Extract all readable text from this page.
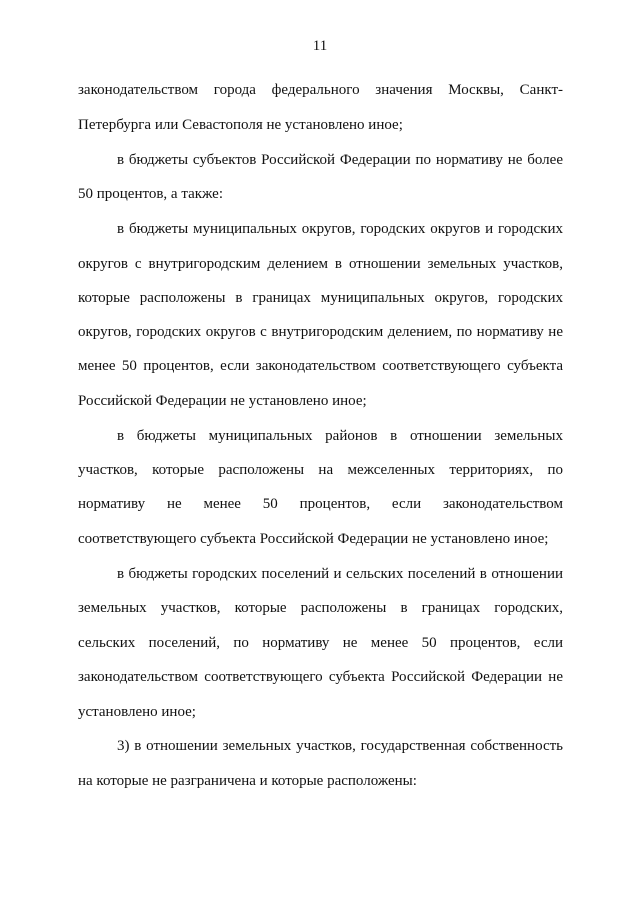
11
законодательством города федерального значения Москвы, Санкт-
Петербурга или Севастополя не установлено иное;
в бюджеты субъектов Российской Федерации по нормативу не более
50 процентов, а также:
в бюджеты муниципальных округов, городских округов и городских
округов с внутригородским делением в отношении земельных участков,
которые расположены в границах муниципальных округов, городских
округов, городских округов с внутригородским делением, по нормативу не
менее 50 процентов, если законодательством соответствующего субъекта
Российской Федерации не установлено иное;
в бюджеты муниципальных районов в отношении земельных
участков, которые расположены на межселенных территориях, по
нормативу не менее 50 процентов, если законодательством
соответствующего субъекта Российской Федерации не установлено иное;
в бюджеты городских поселений и сельских поселений в отношении
земельных участков, которые расположены в границах городских,
сельских поселений, по нормативу не менее 50 процентов, если
законодательством соответствующего субъекта Российской Федерации не
установлено иное;
3) в отношении земельных участков, государственная собственность
на которые не разграничена и которые расположены:
